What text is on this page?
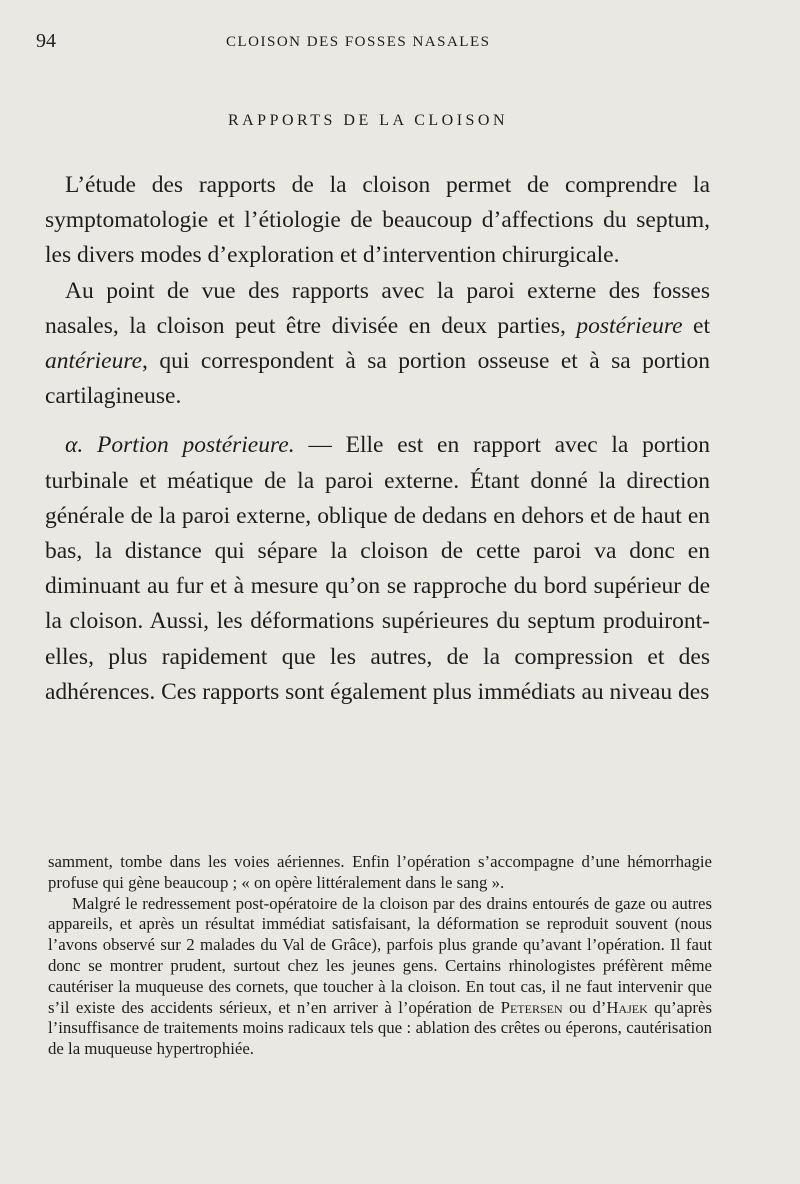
94	CLOISON DES FOSSES NASALES
RAPPORTS DE LA CLOISON

L’étude des rapports de la cloison permet de comprendre la symptomatologie et l’étiologie de beaucoup d’affections du septum, les divers modes d’exploration et d’intervention chirurgicale.

Au point de vue des rapports avec la paroi externe des fosses nasales, la cloison peut être divisée en deux parties, postérieure et antérieure, qui correspondent à sa portion osseuse et à sa portion cartilagineuse.

α. Portion postérieure. — Elle est en rapport avec la portion turbinale et méatique de la paroi externe. Étant donné la direction générale de la paroi externe, oblique de dedans en dehors et de haut en bas, la distance qui sépare la cloison de cette paroi va donc en diminuant au fur et à mesure qu’on se rapproche du bord supérieur de la cloison. Aussi, les déformations supérieures du septum produiront-elles, plus rapidement que les autres, de la compression et des adhérences. Ces rapports sont également plus immédiats au niveau des

samment, tombe dans les voies aériennes. Enfin l’opération s’accompagne d’une hémorrhagie profuse qui gène beaucoup ; « on opère littéralement dans le sang ».

Malgré le redressement post-opératoire de la cloison par des drains entourés de gaze ou autres appareils, et après un résultat immédiat satisfaisant, la déformation se reproduit souvent (nous l’avons observé sur 2 malades du Val de Grâce), parfois plus grande qu’avant l’opération. Il faut donc se montrer prudent, surtout chez les jeunes gens. Certains rhinologistes préfèrent même cautériser la muqueuse des cornets, que toucher à la cloison. En tout cas, il ne faut intervenir que s’il existe des accidents sérieux, et n’en arriver à l’opération de Petersen ou d’Hajek qu’après l’insuffisance de traitements moins radicaux tels que : ablation des crêtes ou éperons, cautérisation de la muqueuse hypertrophiée.
